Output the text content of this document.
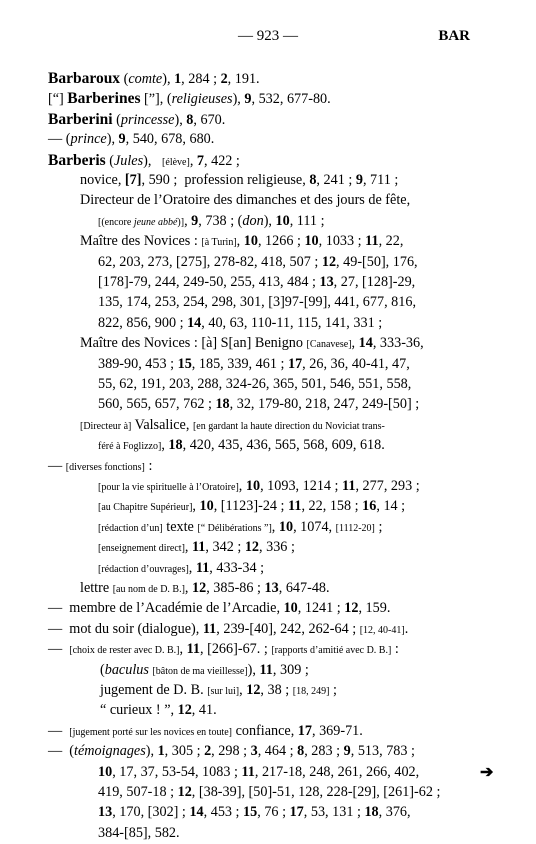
— 923 —	BAR
Barbaroux (comte), 1, 284 ; 2, 191.
[“] Barberines [”], (religieuses), 9, 532, 677-80.
Barberini (princesse), 8, 670.
— (prince), 9, 540, 678, 680.
Barberis (Jules),   [élève], 7, 422 ;
novice, [7], 590 ;  profession religieuse, 8, 241 ; 9, 711 ;
Directeur de l’Oratoire des dimanches et des jours de fête,
[(encore jeune abbé)], 9, 738 ; (don), 10, 111 ;
Maître des Novices : [à Turin], 10, 1266 ; 10, 1033 ; 11, 22,
62, 203, 273, [275], 278-82, 418, 507 ; 12, 49-[50], 176,
[178]-79, 244, 249-50, 255, 413, 484 ; 13, 27, [128]-29,
135, 174, 253, 254, 298, 301, [3]97-[99], 441, 677, 816,
822, 856, 900 ; 14, 40, 63, 110-11, 115, 141, 331 ;
Maître des Novices : [à] S[an] Benigno [Canavese], 14, 333-36,
389-90, 453 ; 15, 185, 339, 461 ; 17, 26, 36, 40-41, 47,
55, 62, 191, 203, 288, 324-26, 365, 501, 546, 551, 558,
560, 565, 657, 762 ; 18, 32, 179-80, 218, 247, 249-[50] ;
[Directeur à] Valsalice, [en gardant la haute direction du Noviciat trans-
féré à Foglizzo], 18, 420, 435, 436, 565, 568, 609, 618.
— [diverses fonctions] :
[pour la vie spirituelle à l’Oratoire], 10, 1093, 1214 ; 11, 277, 293 ;
[au Chapitre Supérieur], 10, [1123]-24 ; 11, 22, 158 ; 16, 14 ;
[rédaction d’un] texte [“ Délibérations ”], 10, 1074, [1112-20] ;
[enseignement direct], 11, 342 ; 12, 336 ;
[rédaction d’ouvrages], 11, 433-34 ;
lettre [au nom de D. B.], 12, 385-86 ; 13, 647-48.
—  membre de l’Académie de l’Arcadie, 10, 1241 ; 12, 159.
—  mot du soir (dialogue), 11, 239-[40], 242, 262-64 ; [12, 40-41].
—  [choix de rester avec D. B.], 11, [266]-67. ; [rapports d’amitié avec D. B.] :
(baculus [bâton de ma vieillesse]), 11, 309 ;
jugement de D. B. [sur lui], 12, 38 ; [18, 249] ;
“ curieux ! ”, 12, 41.
—  [jugement porté sur les novices en toute] confiance, 17, 369-71.
—  (témoignages), 1, 305 ; 2, 298 ; 3, 464 ; 8, 283 ; 9, 513, 783 ;
10, 17, 37, 53-54, 1083 ; 11, 217-18, 248, 261, 266, 402,
419, 507-18 ; 12, [38-39], [50]-51, 128, 228-[29], [261]-62 ;
13, 170, [302] ; 14, 453 ; 15, 76 ; 17, 53, 131 ; 18, 376,
384-[85], 582.
➔
